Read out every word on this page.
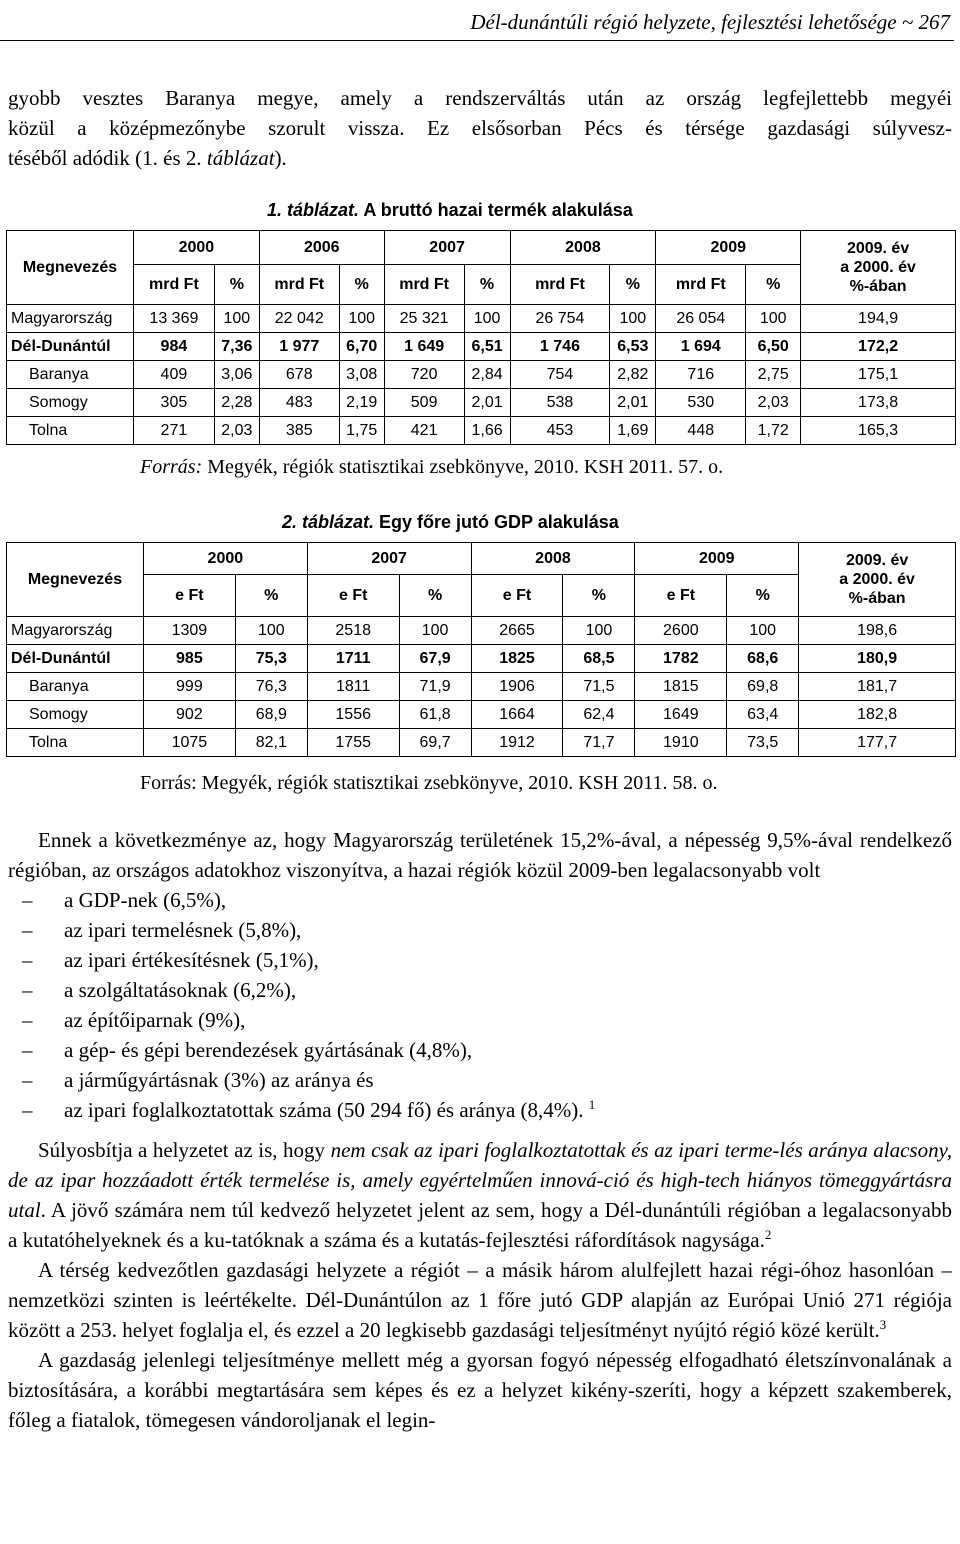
Dél-dunántúli régió helyzete, fejlesztési lehetősége ~ 267
gyobb vesztes Baranya megye, amely a rendszerváltás után az ország legfejlettebb megyéi
közül a középmezőnybe szorult vissza. Ez elsősorban Pécs és térsége gazdasági súlyvesz-
téséből adódik (1. és 2. táblázat).
1. táblázat. A bruttó hazai termék alakulása
Megnevezés	2000		2006		2007		2008		2009		2009. év
a 2000. év
%-ában

	mrd Ft	%	mrd Ft	%	mrd Ft	%	mrd Ft	%	mrd Ft	%	
Magyarország	13 369	100	22 042	100	25 321	100	26 754	100	26 054	100	194,9
Dél-Dunántúl	984	7,36	1 977	6,70	1 649	6,51	1 746	6,53	1 694	6,50	172,2
Baranya	409	3,06	678	3,08	720	2,84	754	2,82	716	2,75	175,1
Somogy	305	2,28	483	2,19	509	2,01	538	2,01	530	2,03	173,8
Tolna	271	2,03	385	1,75	421	1,66	453	1,69	448	1,72	165,3
Forrás: Megyék, régiók statisztikai zsebkönyve, 2010. KSH 2011. 57. o.
2. táblázat. Egy főre jutó GDP alakulása
Megnevezés	2000		2007		2008		2009		2009. év
a 2000. év
%-ában

	e Ft	%	e Ft	%	e Ft	%	e Ft	%	
Magyarország	1309	100	2518	100	2665	100	2600	100	198,6
Dél-Dunántúl	985	75,3	1711	67,9	1825	68,5	1782	68,6	180,9
Baranya	999	76,3	1811	71,9	1906	71,5	1815	69,8	181,7
Somogy	902	68,9	1556	61,8	1664	62,4	1649	63,4	182,8
Tolna	1075	82,1	1755	69,7	1912	71,7	1910	73,5	177,7
Forrás: Megyék, régiók statisztikai zsebkönyve, 2010. KSH 2011. 58. o.

Ennek a következménye az, hogy Magyarország területének 15,2%-ával, a népesség 9,5%-ával rendelkező régióban, az országos adatokhoz viszonyítva, a hazai régiók közül 2009-ben legalacsonyabb volt

– a GDP-nek (6,5%),
– az ipari termelésnek (5,8%),
– az ipari értékesítésnek (5,1%),
– a szolgáltatásoknak (6,2%),
– az építőiparnak (9%),
– a gép- és gépi berendezések gyártásának (4,8%),
– a járműgyártásnak (3%) az aránya és
– az ipari foglalkoztatottak száma (50 294 fő) és aránya (8,4%). $^1$

Súlyosbítja a helyzetet az is, hogy nem csak az ipari foglalkoztatottak és az ipari terme-lés aránya alacsony, de az ipar hozzáadott érték termelése is, amely egyértelműen innová-ció és high-tech hiányos tömeggyártásra utal. A jövő számára nem túl kedvező helyzetet jelent az sem, hogy a Dél-dunántúli régióban a legalacsonyabb a kutatóhelyeknek és a ku-tatóknak a száma és a kutatás-fejlesztési ráfordítások nagysága.$^2$

A térség kedvezőtlen gazdasági helyzete a régiót – a másik három alulfejlett hazai régi-óhoz hasonlóan – nemzetközi szinten is leértékelte. Dél-Dunántúlon az 1 főre jutó GDP alapján az Európai Unió 271 régiója között a 253. helyet foglalja el, és ezzel a 20 legkisebb gazdasági teljesítményt nyújtó régió közé került.$^3$

A gazdaság jelenlegi teljesítménye mellett még a gyorsan fogyó népesség elfogadható életszínvonalának a biztosítására, a korábbi megtartására sem képes és ez a helyzet kikény-szeríti, hogy a képzett szakemberek, főleg a fiatalok, tömegesen vándoroljanak el legin-
